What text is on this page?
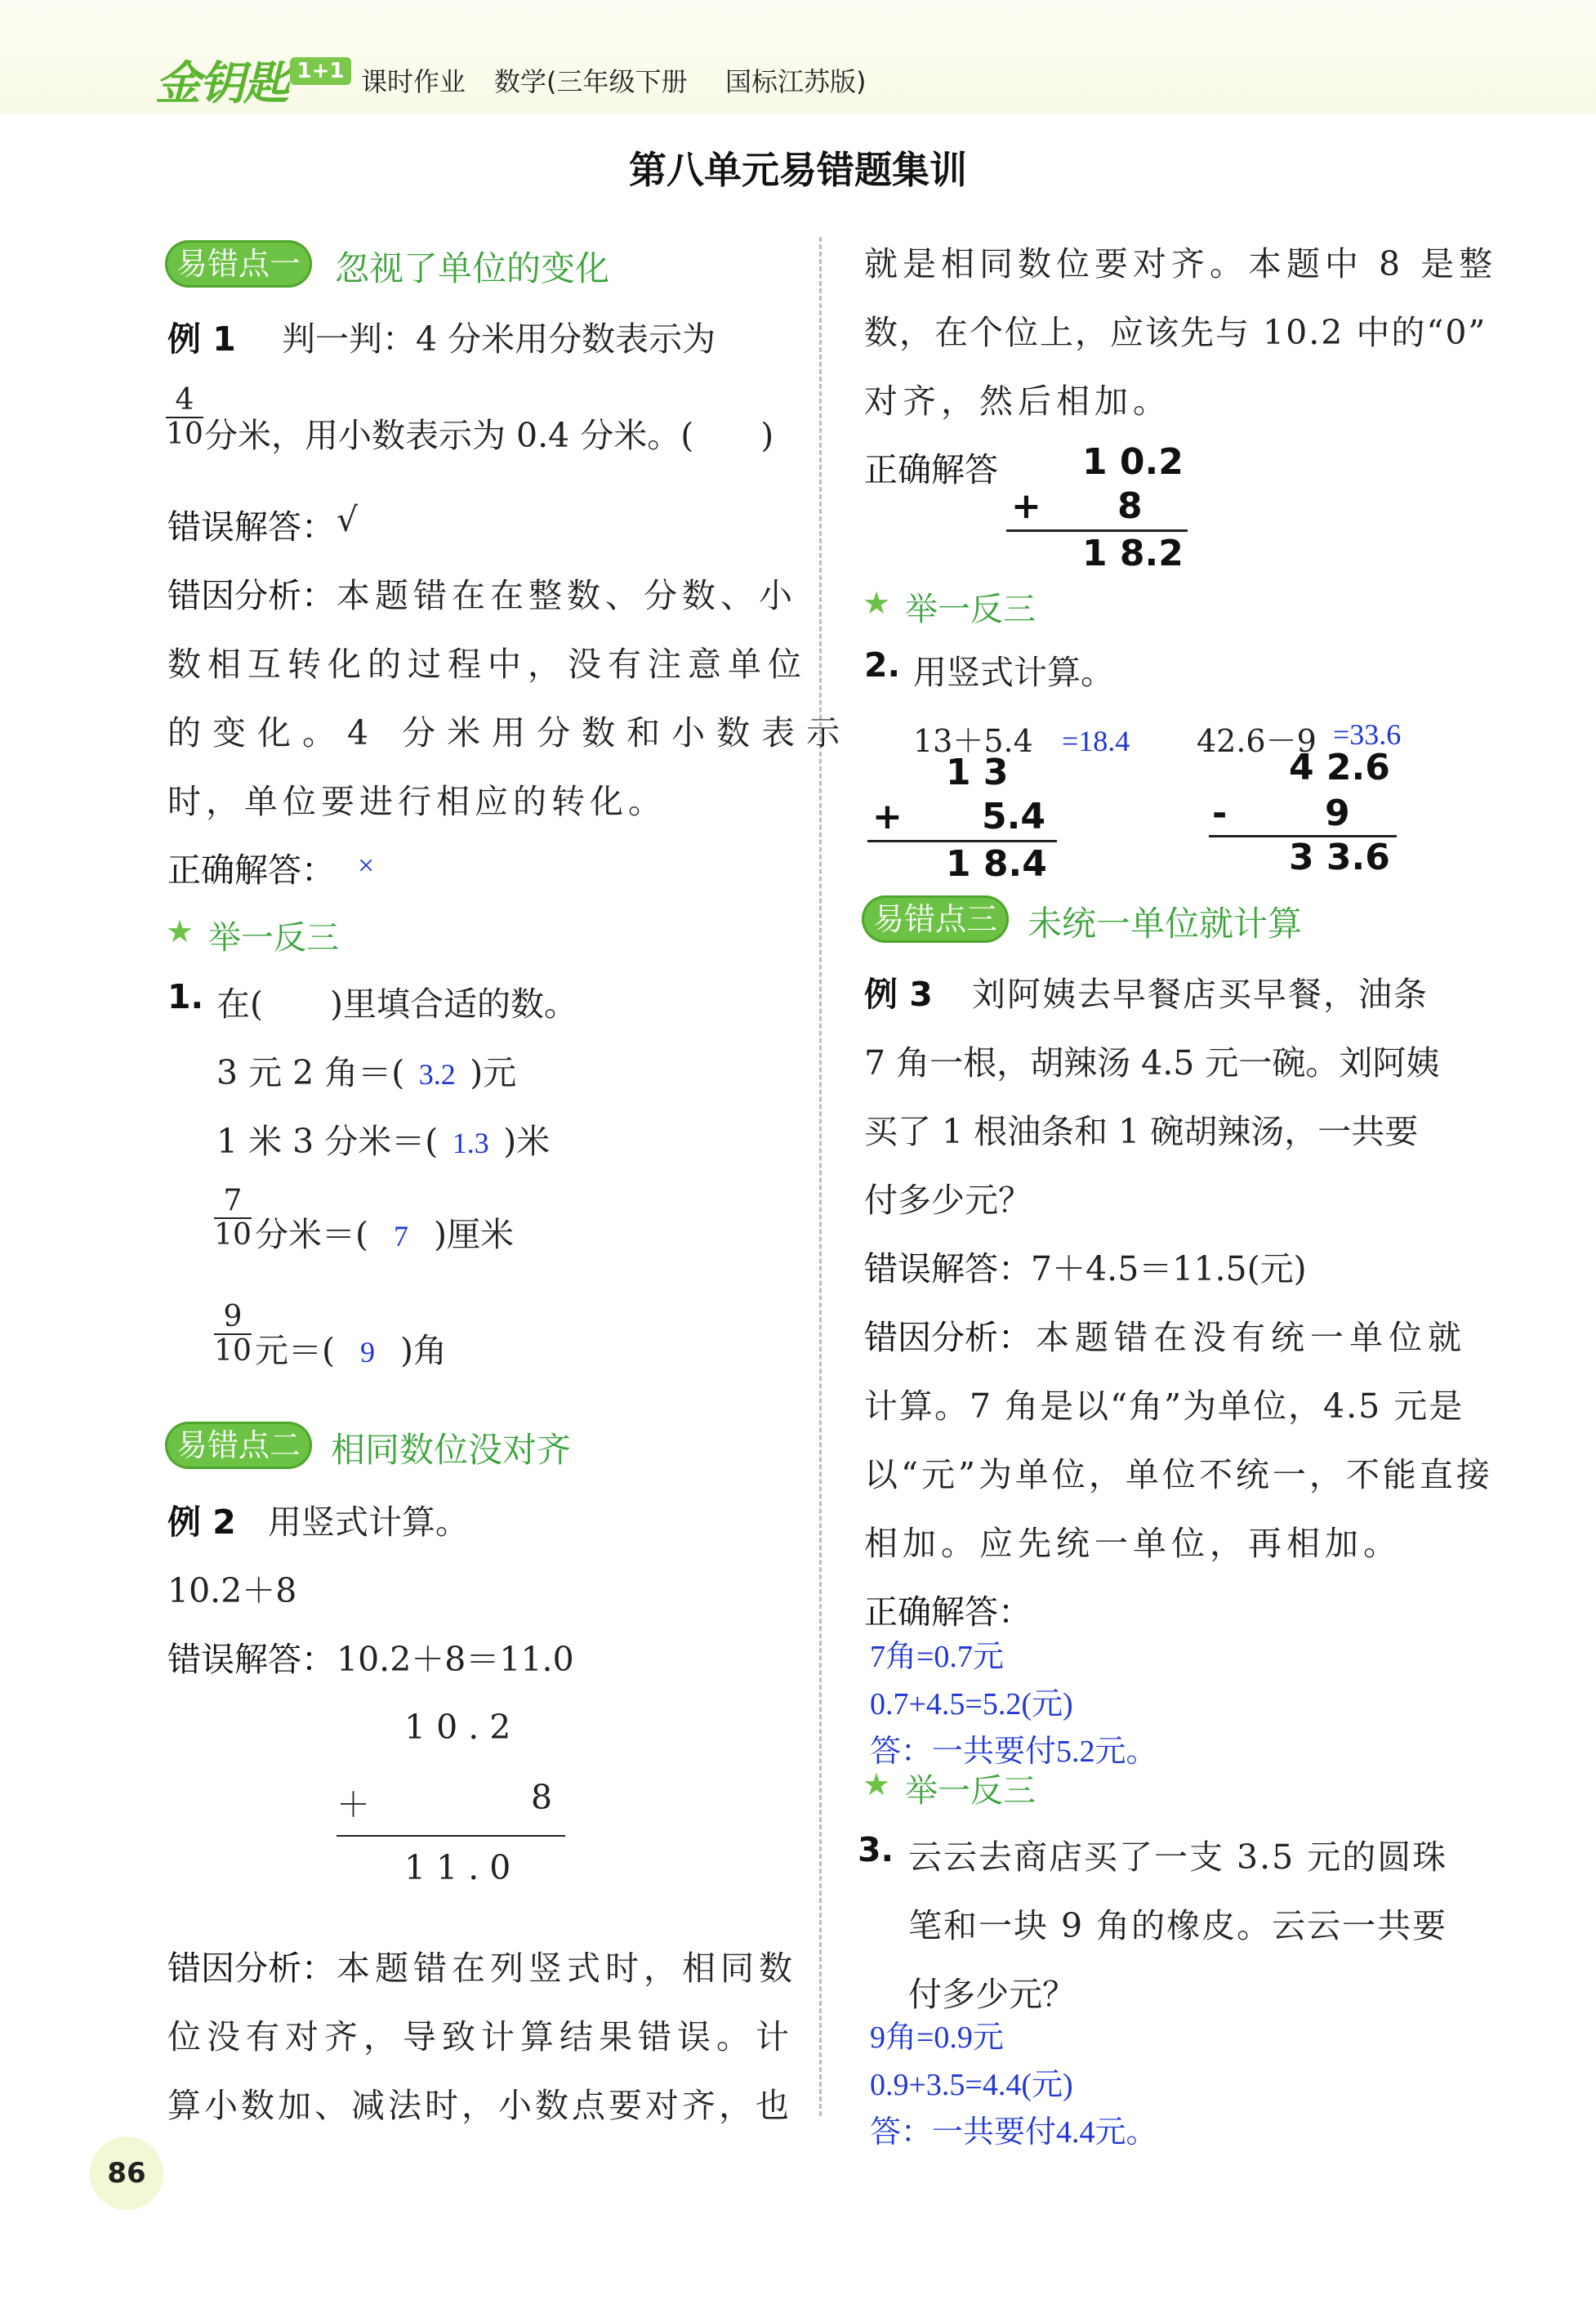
金钥匙 1+1 课时作业 数学(三年级下册 国标江苏版)
第八单元易错题集训
易错点一 忽视了单位的变化
例 1 判一判：4 分米用分数表示为
$\frac{4}{10}$ 分米，用小数表示为 0.4 分米。(　　)
错误解答： √
错因分析： 本题错在在整数、分数、小
数相互转化的过程中，没有注意单位
的变化。4 分米用分数和小数表示
时，单位要进行相应的转化。
正确解答： ×
★ 举一反三
1. 在(　　)里填合适的数。
3 元 2 角＝( 3.2 )元
1 米 3 分米＝( 1.3 )米
$\frac{7}{10}$ 分米＝( 7 )厘米
$\frac{9}{10}$ 元＝( 9 )角
易错点二 相同数位没对齐
例 2 用竖式计算。
10.2＋8
错误解答： 10.2＋8＝11.0
1 0 . 2
＋	8
1 1 . 0
错因分析： 本题错在列竖式时，相同数
位没有对齐，导致计算结果错误。计
算小数加、减法时，小数点要对齐，也
就是相同数位要对齐。本题中 8 是整
数，在个位上，应该先与 10.2 中的“0”
对齐，然后相加。
正确解答 1 0.2
+ 8
1 8.2
★ 举一反三
2. 用竖式计算。
13＋5.4 =18.4
1 3
+ 5.4
1 8.4
42.6－9 =33.6
4 2.6
-	9
3 3.6
易错点三 未统一单位就计算
例 3 刘阿姨去早餐店买早餐，油条
7 角一根，胡辣汤 4.5 元一碗。刘阿姨
买了 1 根油条和 1 碗胡辣汤，一共要
付多少元？
错误解答： 7＋4.5＝11.5(元)
错因分析： 本题错在没有统一单位就
计算。7 角是以“角”为单位，4.5 元是
以“元”为单位，单位不统一，不能直接
相加。应先统一单位，再相加。
正确解答：
7角=0.7元
0.7+4.5=5.2(元)
答：一共要付5.2元。
★ 举一反三
3. 云云去商店买了一支 3.5 元的圆珠
笔和一块 9 角的橡皮。云云一共要
付多少元？
9角=0.9元
0.9+3.5=4.4(元)
答：一共要付4.4元。
86
